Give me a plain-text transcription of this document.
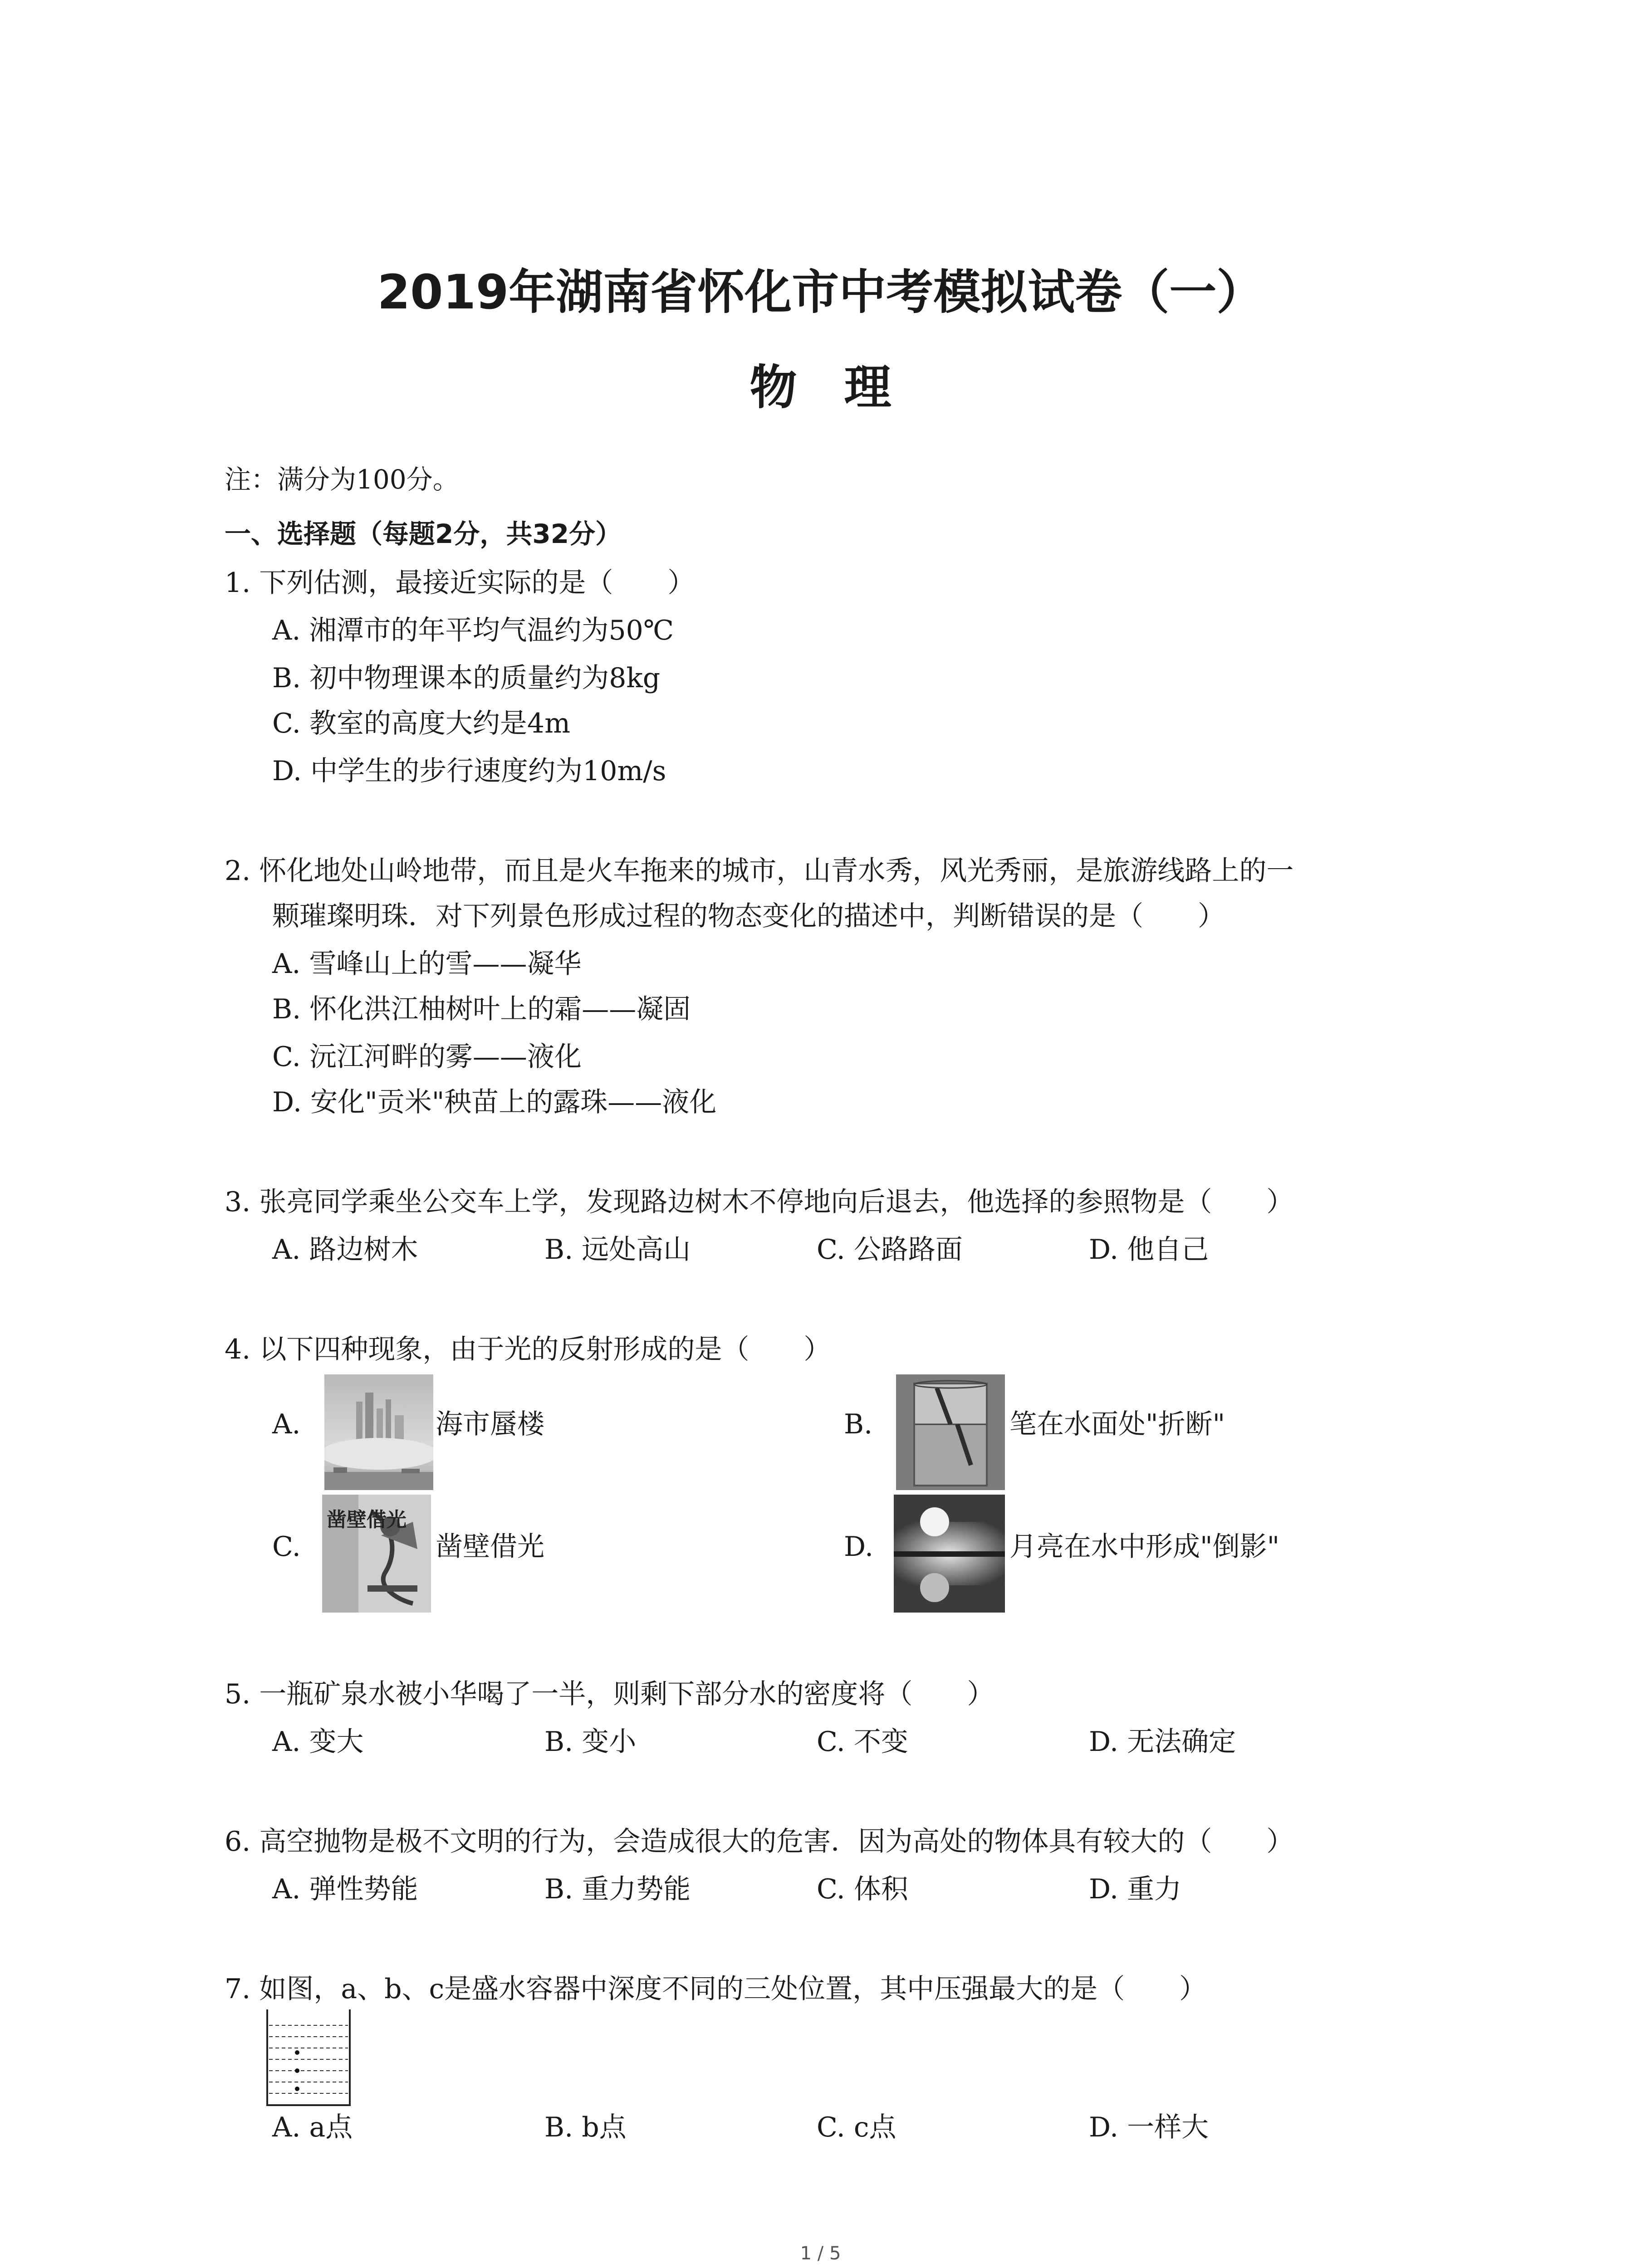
2019年湖南省怀化市中考模拟试卷（一）
物　理
注：满分为100分。
一、选择题（每题2分，共32分）
1. 下列估测，最接近实际的是（　　）
A. 湘潭市的年平均气温约为50℃
B. 初中物理课本的质量约为8kg
C. 教室的高度大约是4m
D. 中学生的步行速度约为10m/s
2. 怀化地处山岭地带，而且是火车拖来的城市，山青水秀，风光秀丽，是旅游线路上的一
颗璀璨明珠．对下列景色形成过程的物态变化的描述中，判断错误的是（　　）
A. 雪峰山上的雪——凝华
B. 怀化洪江柚树叶上的霜——凝固
C. 沅江河畔的雾——液化
D. 安化"贡米"秧苗上的露珠——液化
3. 张亮同学乘坐公交车上学，发现路边树木不停地向后退去，他选择的参照物是（　　）
A. 路边树木	B. 远处高山	C. 公路路面	D. 他自己
4. 以下四种现象，由于光的反射形成的是（　　）
A.	海市蜃楼	B.	笔在水面处"折断"
C.
凿壁借光
凿壁借光	D.	月亮在水中形成"倒影"
5. 一瓶矿泉水被小华喝了一半，则剩下部分水的密度将（　　）
A. 变大	B. 变小	C. 不变	D. 无法确定
6. 高空抛物是极不文明的行为，会造成很大的危害．因为高处的物体具有较大的（　　）
A. 弹性势能	B. 重力势能	C. 体积	D. 重力
7. 如图，a、b、c是盛水容器中深度不同的三处位置，其中压强最大的是（　　）
A. a点	B. b点	C. c点	D. 一样大
1 / 5
